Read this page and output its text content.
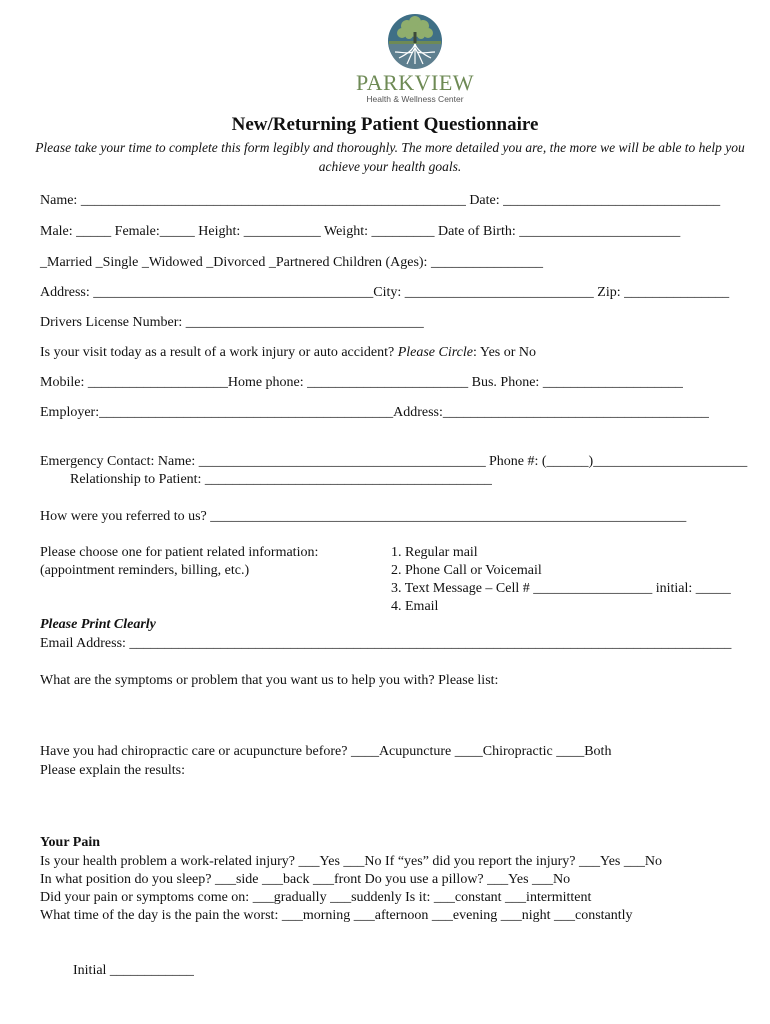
PARKVIEW
Health & Wellness Center
New/Returning Patient Questionnaire
Please take your time to complete this form legibly and thoroughly. The more detailed you are, the more we will be able to help you achieve your health goals.
Name: _______________________________________________________ Date: _______________________________
Male: _____ Female:_____ Height: ___________ Weight: _________ Date of Birth: _______________________
_Married _Single _Widowed _Divorced _Partnered Children (Ages): ________________
Address: ________________________________________City: ___________________________ Zip: _______________
Drivers License Number: __________________________________
Is your visit today as a result of a work injury or auto accident? Please Circle: Yes or No
Mobile: ____________________Home phone: _______________________ Bus. Phone: ____________________
Employer:__________________________________________Address:______________________________________
Emergency Contact: Name: _________________________________________ Phone #: (______)______________________
Relationship to Patient: _________________________________________
How were you referred to us? ____________________________________________________________________
Please choose one for patient related information:
(appointment reminders, billing, etc.)
1. Regular mail
2. Phone Call or Voicemail
3. Text Message – Cell # _________________ initial: _____
4. Email
Please Print Clearly
Email Address: ______________________________________________________________________________________
What are the symptoms or problem that you want us to help you with? Please list:
Have you had chiropractic care or acupuncture before? ____Acupuncture ____Chiropractic ____Both
Please explain the results:
Your Pain
Is your health problem a work-related injury? ___Yes ___No If “yes” did you report the injury? ___Yes ___No
In what position do you sleep? ___side ___back ___front Do you use a pillow? ___Yes ___No
Did your pain or symptoms come on: ___gradually ___suddenly Is it: ___constant ___intermittent
What time of the day is the pain the worst: ___morning ___afternoon ___evening ___night ___constantly
Initial ____________
